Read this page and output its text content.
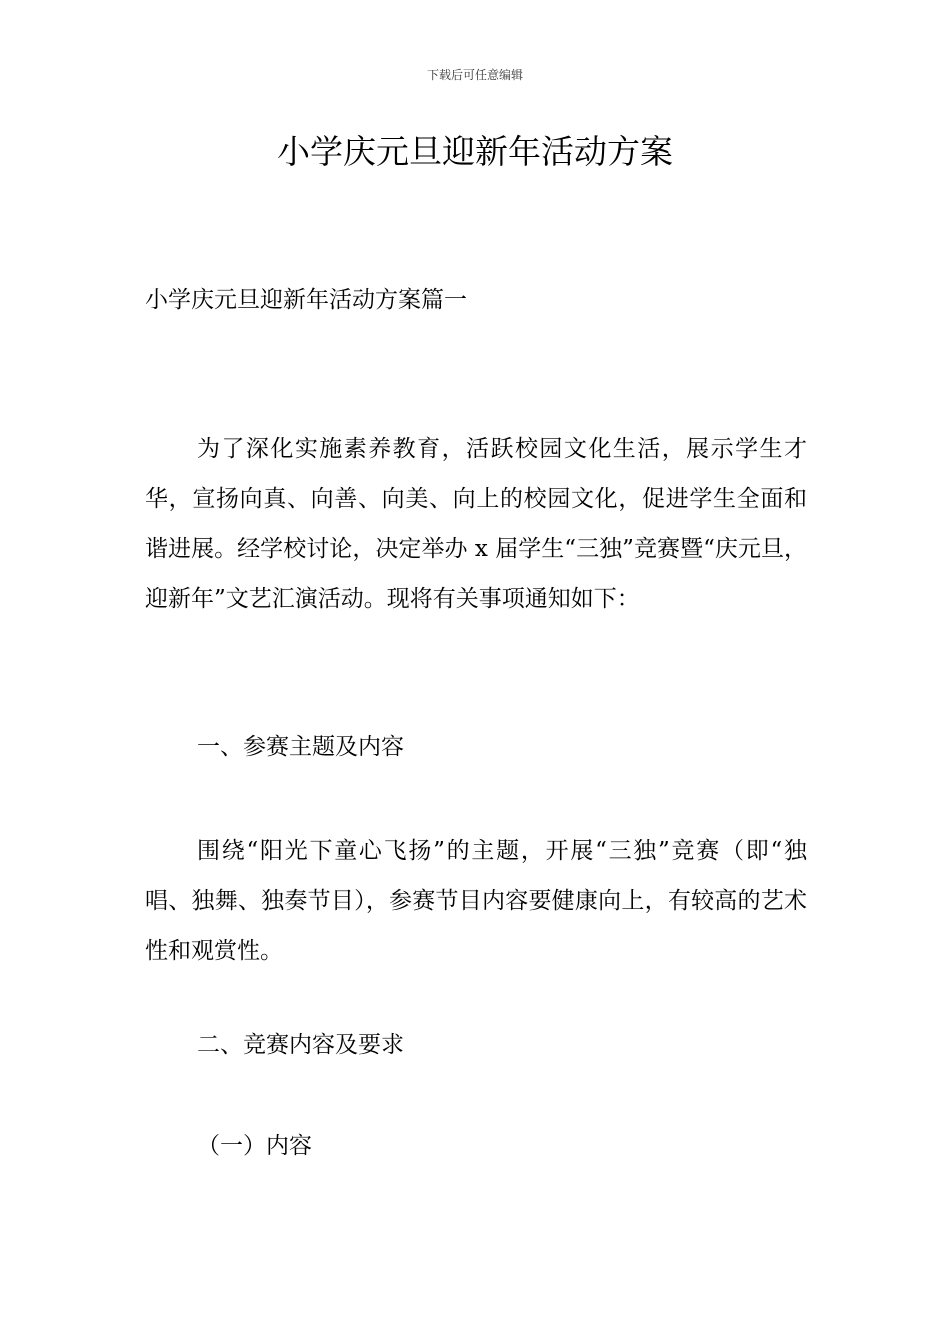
下载后可任意编辑
小学庆元旦迎新年活动方案
小学庆元旦迎新年活动方案篇一

为了深化实施素养教育，活跃校园文化生活，展示学生才华，宣扬向真、向善、向美、向上的校园文化，促进学生全面和谐进展。经学校讨论，决定举办 x 届学生“三独”竞赛暨“庆元旦，迎新年”文艺汇演活动。现将有关事项通知如下：

一、参赛主题及内容

围绕“阳光下童心飞扬”的主题，开展“三独”竞赛（即“独唱、独舞、独奏节目），参赛节目内容要健康向上，有较高的艺术性和观赏性。

二、竞赛内容及要求
（一）内容
